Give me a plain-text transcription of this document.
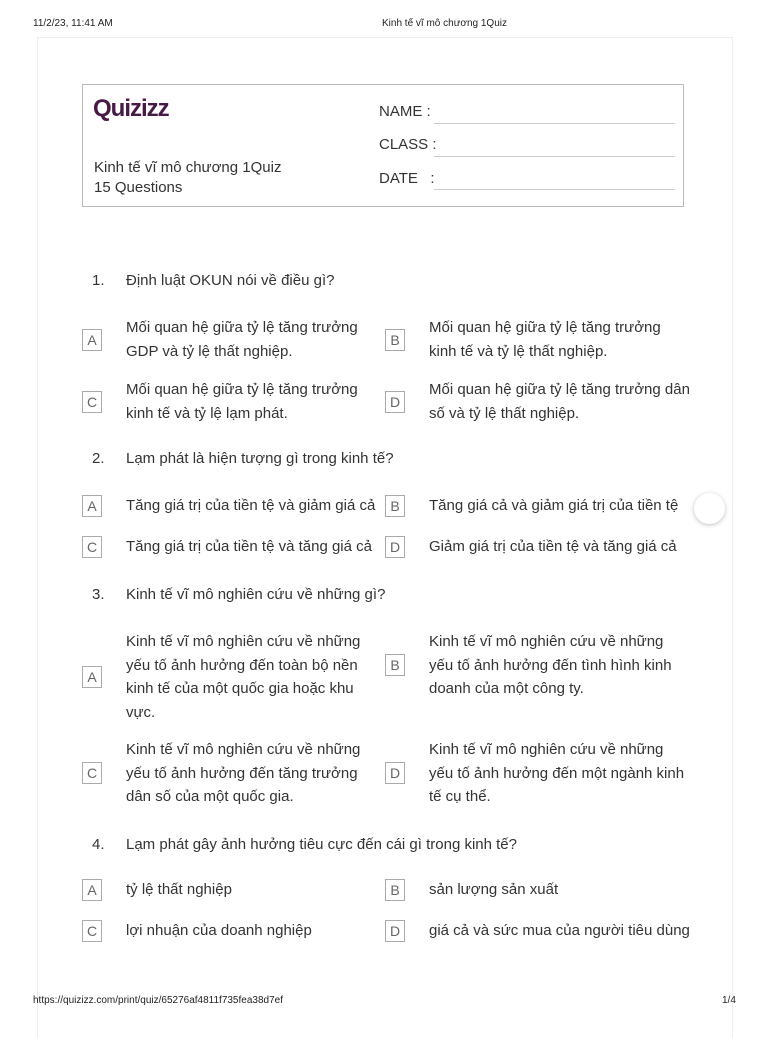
11/2/23, 11:41 AM	Kinh tế vĩ mô chương 1Quiz
Quizizz
Kinh tế vĩ mô chương 1Quiz
15 Questions
NAME :
CLASS :
DATE   :
1.	Định luật OKUN nói về điều gì?
A
Mối quan hệ giữa tỷ lệ tăng trưởng GDP và tỷ lệ thất nghiệp.
B
Mối quan hệ giữa tỷ lệ tăng trưởng kinh tế và tỷ lệ thất nghiệp.
C
Mối quan hệ giữa tỷ lệ tăng trưởng kinh tế và tỷ lệ lạm phát.
D
Mối quan hệ giữa tỷ lệ tăng trưởng dân số và tỷ lệ thất nghiệp.
2.	Lạm phát là hiện tượng gì trong kinh tế?
A	Tăng giá trị của tiền tệ và giảm giá cả	B	Tăng giá cả và giảm giá trị của tiền tệ
C	Tăng giá trị của tiền tệ và tăng giá cả	D	Giảm giá trị của tiền tệ và tăng giá cả
3.	Kinh tế vĩ mô nghiên cứu về những gì?
A
Kinh tế vĩ mô nghiên cứu về những yếu tố ảnh hưởng đến toàn bộ nền kinh tế của một quốc gia hoặc khu vực.
B
Kinh tế vĩ mô nghiên cứu về những yếu tố ảnh hưởng đến tình hình kinh doanh của một công ty.
C
Kinh tế vĩ mô nghiên cứu về những yếu tố ảnh hưởng đến tăng trưởng dân số của một quốc gia.
D
Kinh tế vĩ mô nghiên cứu về những yếu tố ảnh hưởng đến một ngành kinh tế cụ thể.
4.	Lạm phát gây ảnh hưởng tiêu cực đến cái gì trong kinh tế?
A	tỷ lệ thất nghiệp	B	sản lượng sản xuất
C	lợi nhuận của doanh nghiệp	D	giá cả và sức mua của người tiêu dùng
https://quizizz.com/print/quiz/65276af4811f735fea38d7ef	1/4
